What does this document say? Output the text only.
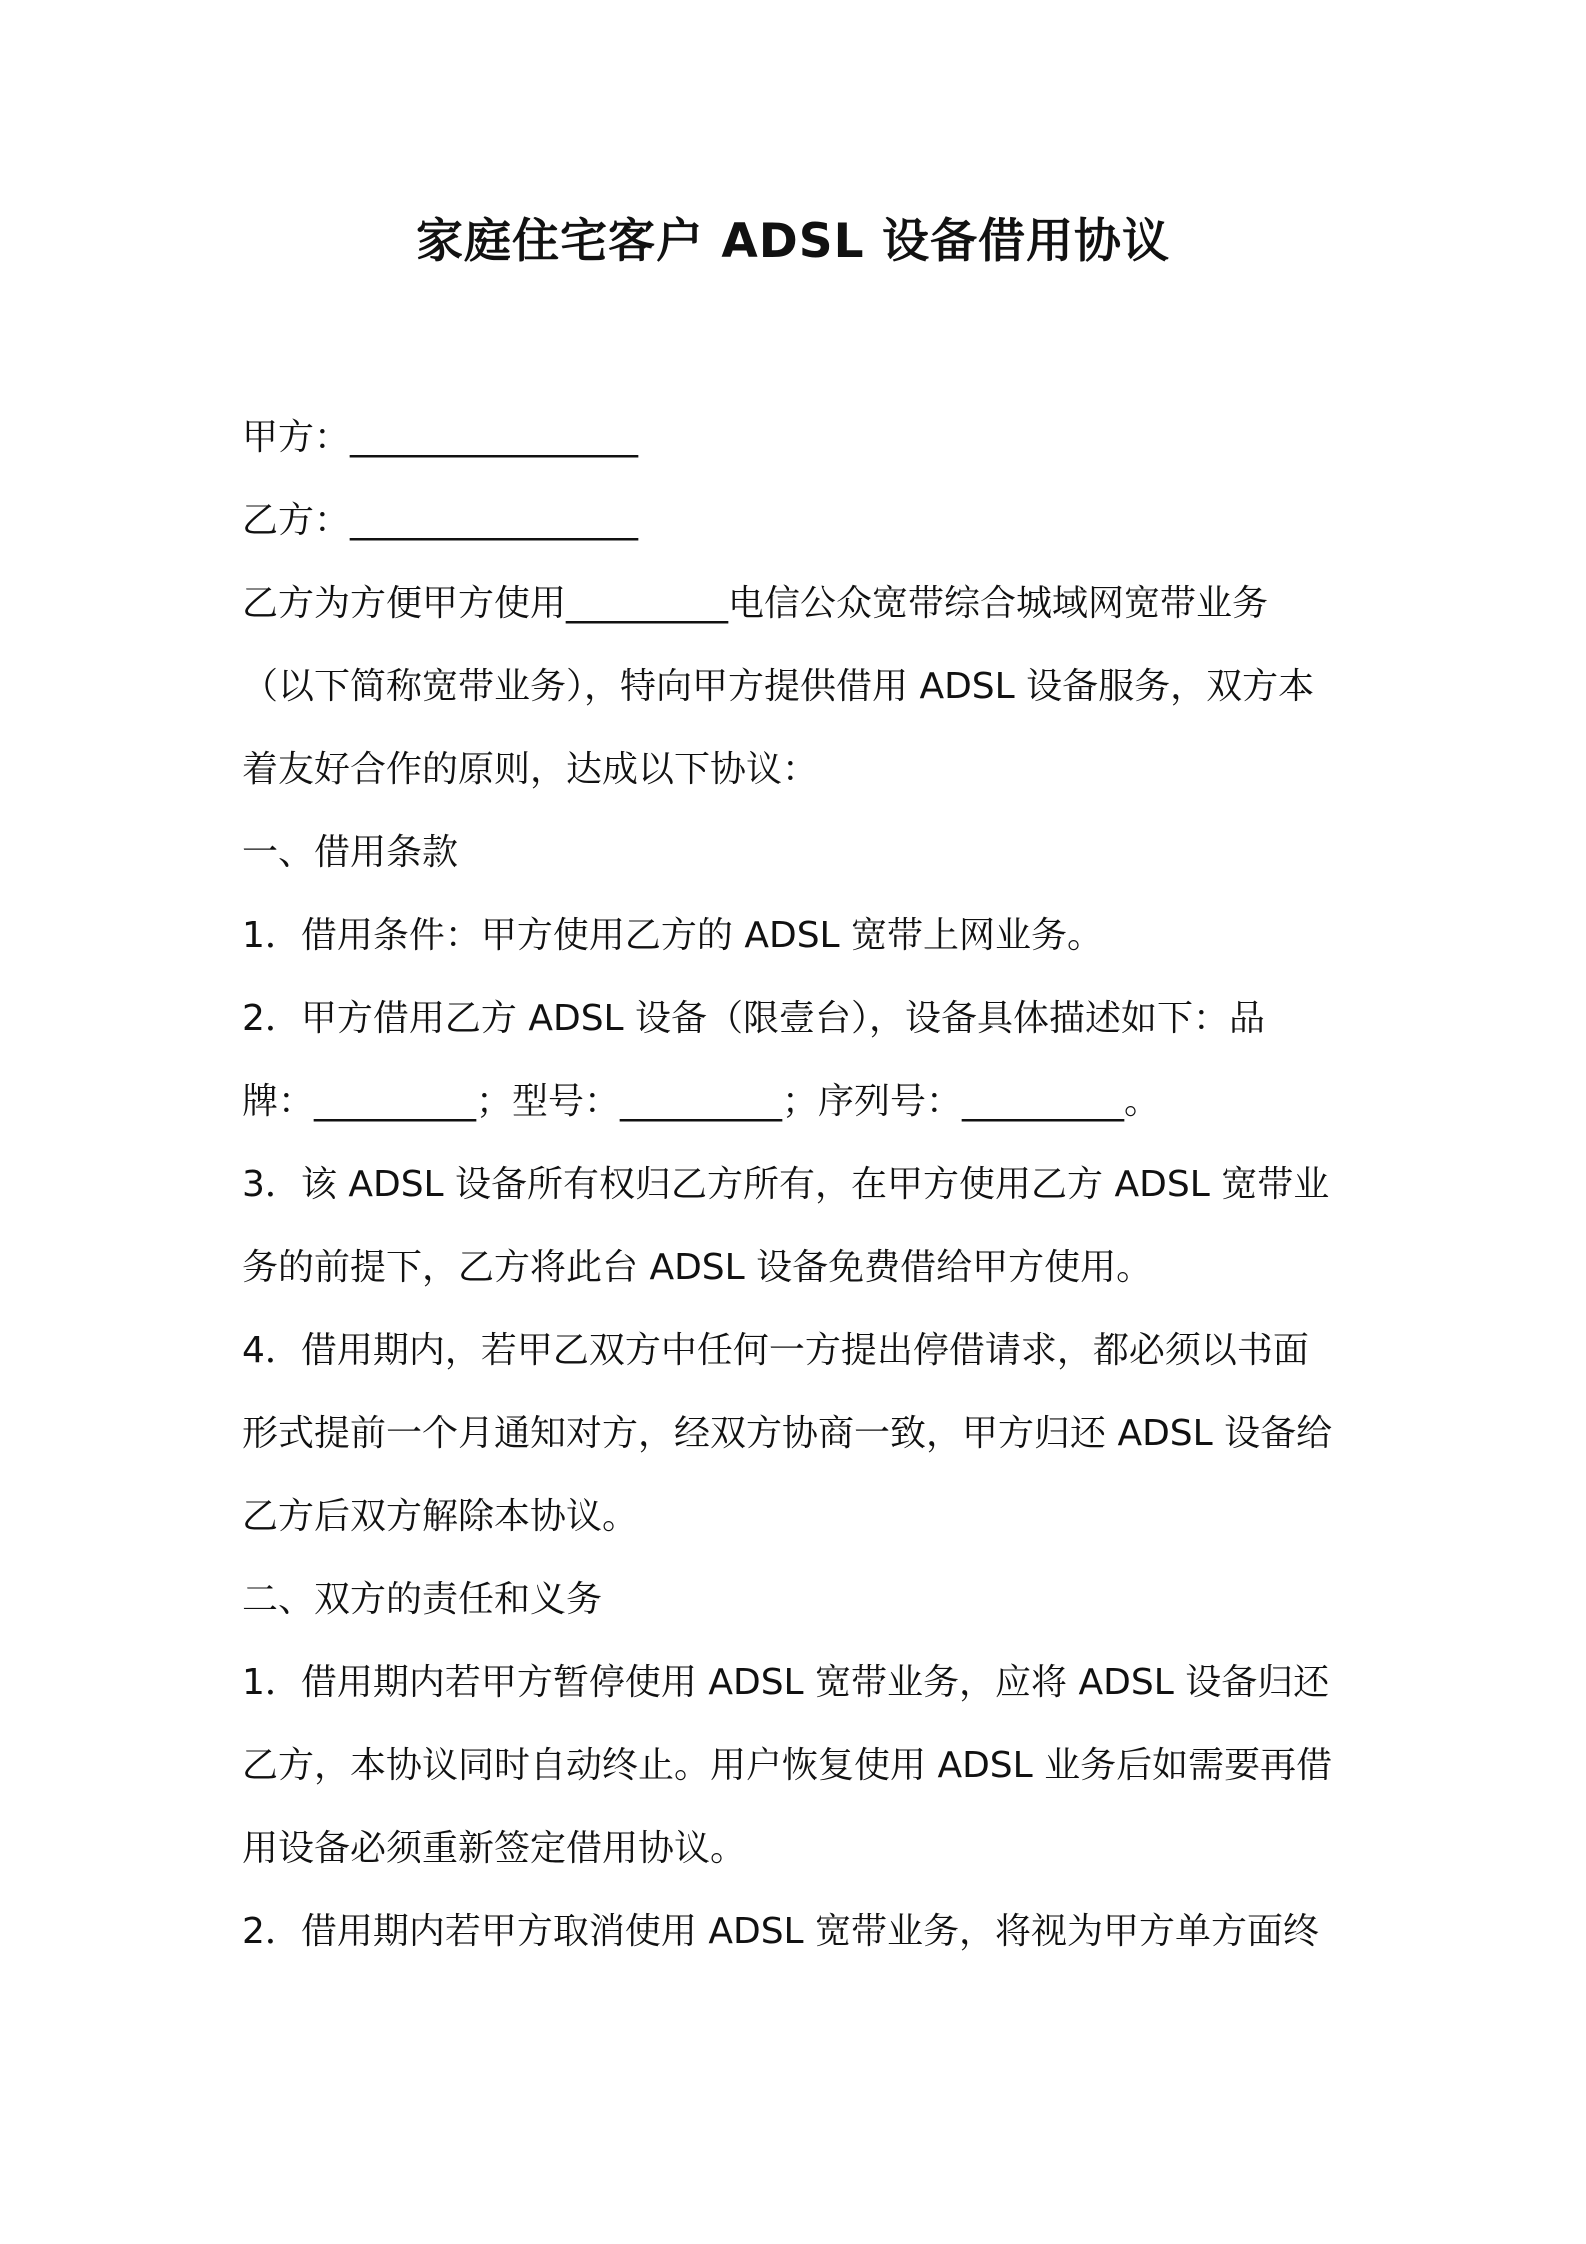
家庭住宅客户 ADSL 设备借用协议

甲方：________________

乙方：________________

乙方为方便甲方使用_________电信公众宽带综合城域网宽带业务

（以下简称宽带业务），特向甲方提供借用 ADSL 设备服务，双方本

着友好合作的原则，达成以下协议：

一、借用条款

1．借用条件：甲方使用乙方的 ADSL 宽带上网业务。

2．甲方借用乙方 ADSL 设备（限壹台），设备具体描述如下：品

牌：_________；型号：_________；序列号：_________。

3．该 ADSL 设备所有权归乙方所有，在甲方使用乙方 ADSL 宽带业

务的前提下，乙方将此台 ADSL 设备免费借给甲方使用。

4．借用期内，若甲乙双方中任何一方提出停借请求，都必须以书面

形式提前一个月通知对方，经双方协商一致，甲方归还 ADSL 设备给

乙方后双方解除本协议。

二、双方的责任和义务

1．借用期内若甲方暂停使用 ADSL 宽带业务，应将 ADSL 设备归还

乙方，本协议同时自动终止。用户恢复使用 ADSL 业务后如需要再借

用设备必须重新签定借用协议。

2．借用期内若甲方取消使用 ADSL 宽带业务，将视为甲方单方面终
